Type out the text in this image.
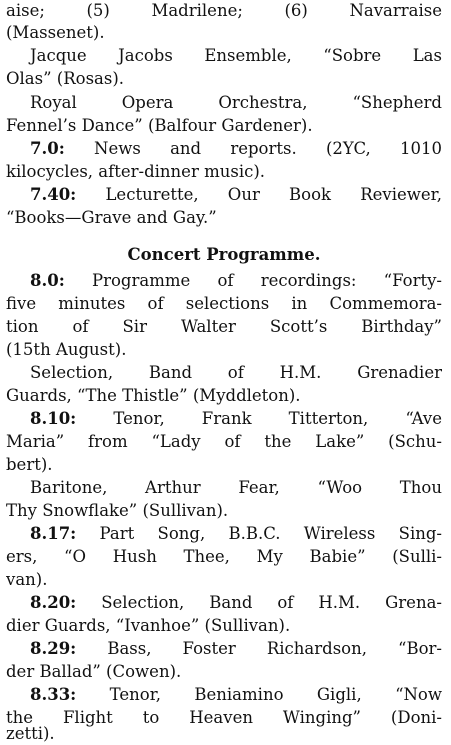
aise; (5) Madrilene; (6) Navarraise
(Massenet).
Jacque Jacobs Ensemble, “Sobre Las
Olas” (Rosas).
Royal Opera Orchestra, “Shepherd
Fennel’s Dance” (Balfour Gardener).
7.0: News and reports. (2YC, 1010
kilocycles, after-dinner music).
7.40: Lecturette, Our Book Reviewer,
“Books—Grave and Gay.”
Concert Programme.
8.0: Programme of recordings: “Forty-
five minutes of selections in Commemora-
tion of Sir Walter Scott’s Birthday”
(15th August).
Selection, Band of H.M. Grenadier
Guards, “The Thistle” (Myddleton).
8.10: Tenor, Frank Titterton, “Ave
Maria” from “Lady of the Lake” (Schu-
bert).
Baritone, Arthur Fear, “Woo Thou
Thy Snowflake” (Sullivan).
8.17: Part Song, B.B.C. Wireless Sing-
ers, “O Hush Thee, My Babie” (Sulli-
van).
8.20: Selection, Band of H.M. Grena-
dier Guards, “Ivanhoe” (Sullivan).
8.29: Bass, Foster Richardson, “Bor-
der Ballad” (Cowen).
8.33: Tenor, Beniamino Gigli, “Now
the Flight to Heaven Winging” (Doni-
zetti).
